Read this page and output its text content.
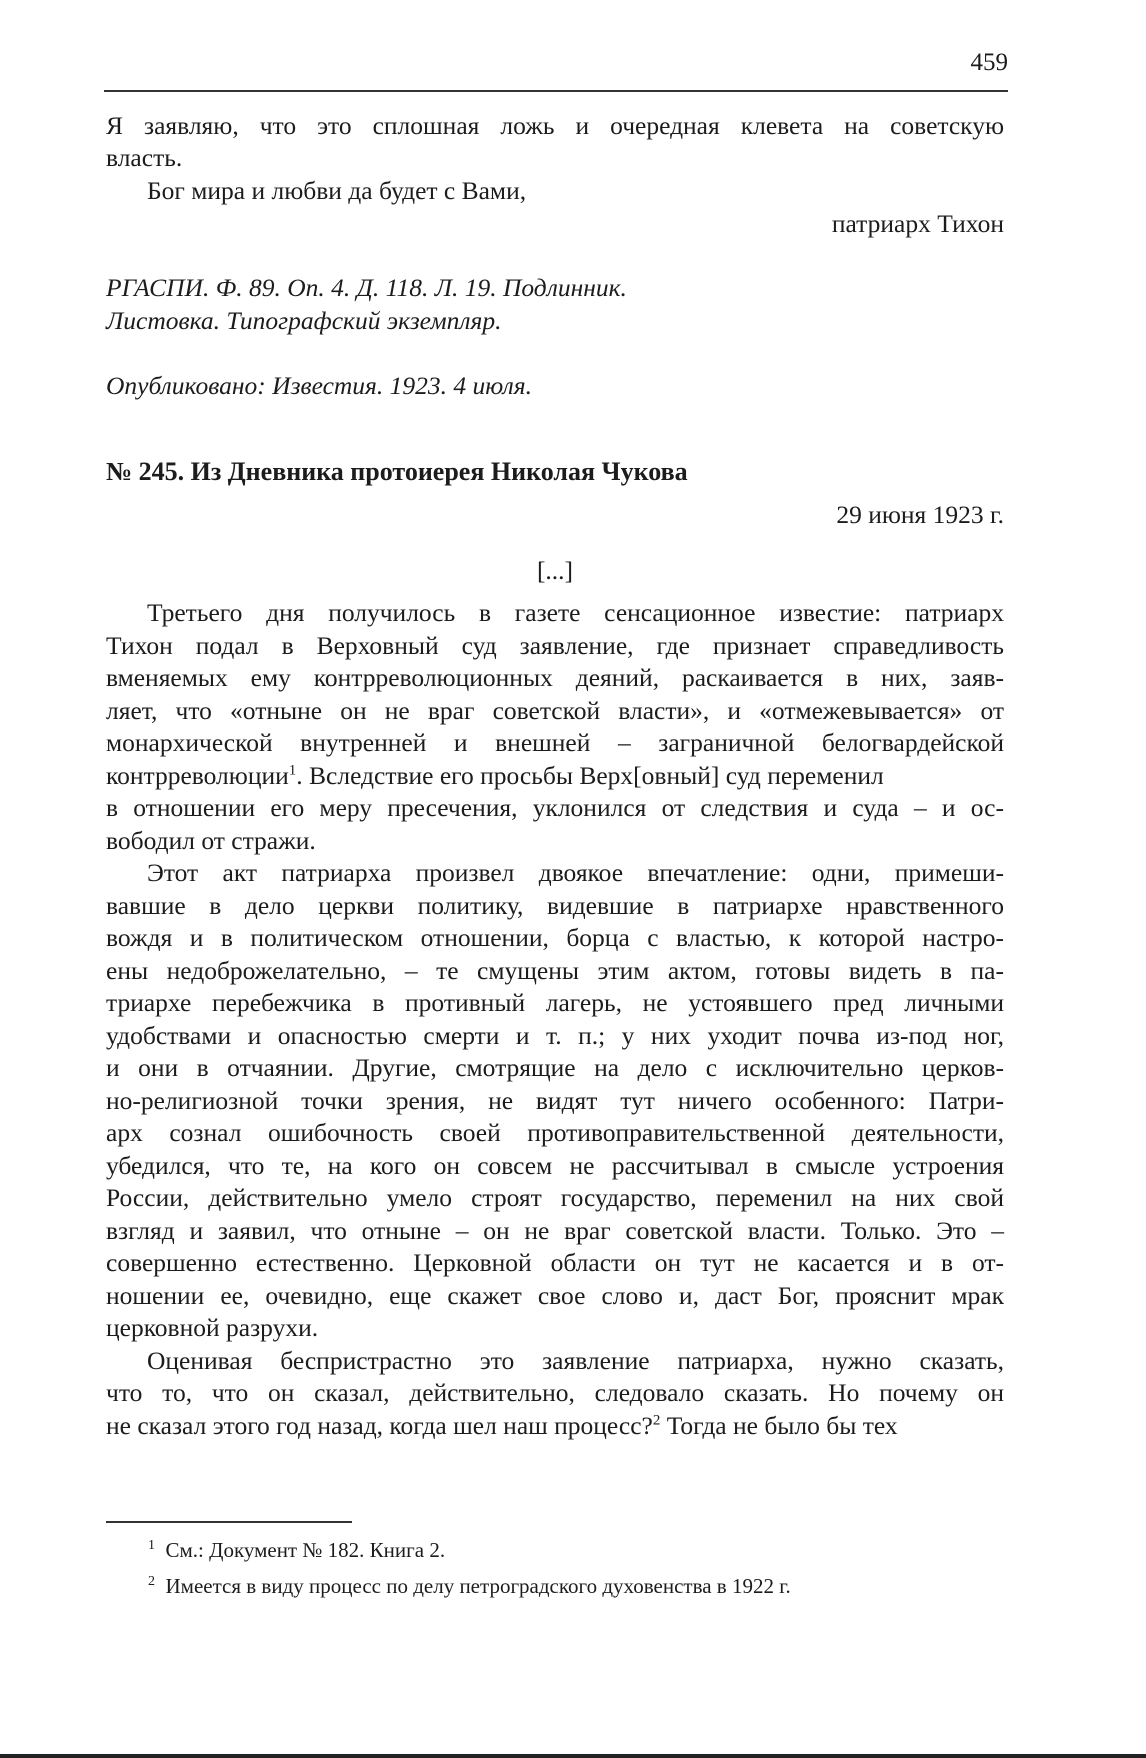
459
Я заявляю, что это сплошная ложь и очередная клевета на советскую
власть.
Бог мира и любви да будет с Вами,
патриарх Тихон
РГАСПИ. Ф. 89. Оп. 4. Д. 118. Л. 19. Подлинник.
Листовка. Типографский экземпляр.
Опубликовано: Известия. 1923. 4 июля.
№ 245. Из Дневника протоиерея Николая Чукова
29 июня 1923 г.
[...]
Третьего дня получилось в газете сенсационное известие: патриарх
Тихон подал в Верховный суд заявление, где признает справедливость
вменяемых ему контрреволюционных деяний, раскаивается в них, заяв-
ляет, что «отныне он не враг советской власти», и «отмежевывается» от
монархической внутренней и внешней – заграничной белогвардейской
контрреволюции$^1$. Вследствие его просьбы Верх[овный] суд переменил
в отношении его меру пресечения, уклонился от следствия и суда – и ос-
вободил от стражи.
Этот акт патриарха произвел двоякое впечатление: одни, примеши-
вавшие в дело церкви политику, видевшие в патриархе нравственного
вождя и в политическом отношении, борца с властью, к которой настро-
ены недоброжелательно, – те смущены этим актом, готовы видеть в па-
триархе перебежчика в противный лагерь, не устоявшего пред личными
удобствами и опасностью смерти и т. п.; у них уходит почва из-под ног,
и они в отчаянии. Другие, смотрящие на дело с исключительно церков-
но-религиозной точки зрения, не видят тут ничего особенного: Патри-
арх сознал ошибочность своей противоправительственной деятельности,
убедился, что те, на кого он совсем не рассчитывал в смысле устроения
России, действительно умело строят государство, переменил на них свой
взгляд и заявил, что отныне – он не враг советской власти. Только. Это –
совершенно естественно. Церковной области он тут не касается и в от-
ношении ее, очевидно, еще скажет свое слово и, даст Бог, прояснит мрак
церковной разрухи.
Оценивая беспристрастно это заявление патриарха, нужно сказать,
что то, что он сказал, действительно, следовало сказать. Но почему он
не сказал этого год назад, когда шел наш процесс?$^2$ Тогда не было бы тех
$^1$ См.: Документ № 182. Книга 2.
$^2$ Имеется в виду процесс по делу петроградского духовенства в 1922 г.
